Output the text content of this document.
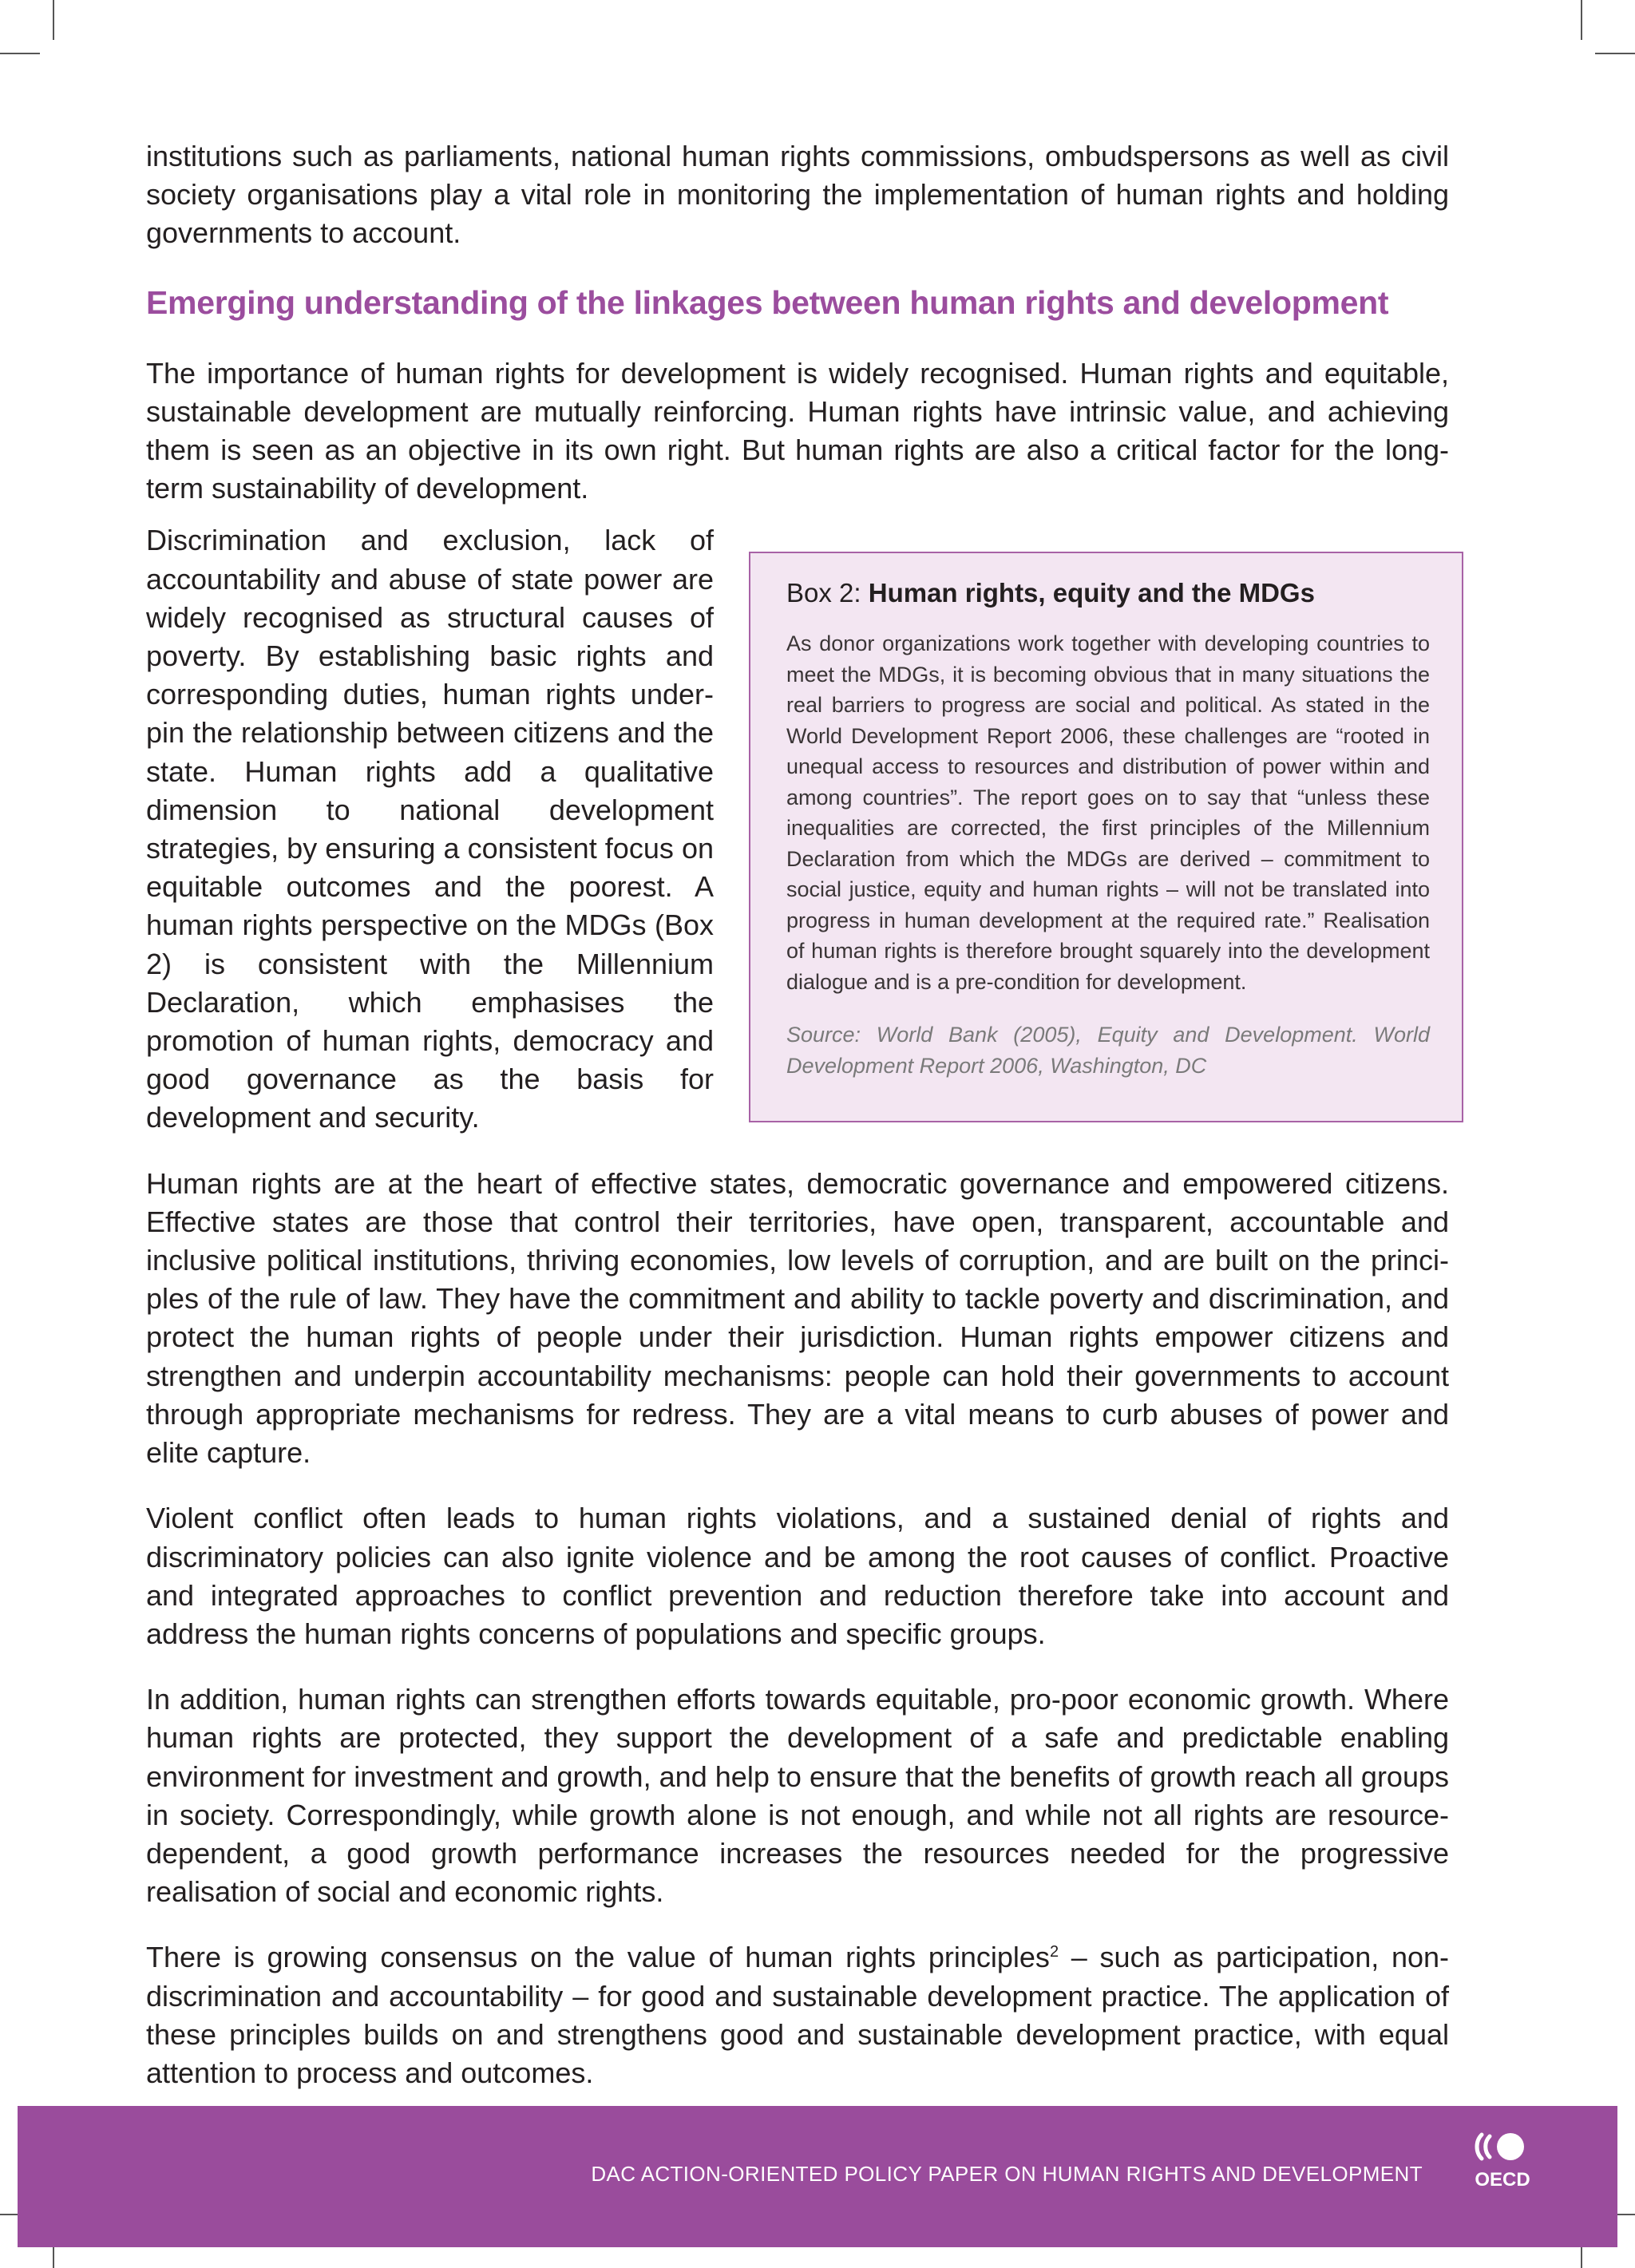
institutions such as parliaments, national human rights commissions, ombudspersons as well as civil society organisations play a vital role in monitoring the implementation of human rights and holding governments to account.

Emerging understanding of the linkages between human rights and development

The importance of human rights for development is widely recognised. Human rights and equitable, sustainable development are mutually reinforcing. Human rights have intrinsic value, and achieving them is seen as an objective in its own right. But human rights are also a critical factor for the long-term sustainability of development.

Box 2: Human rights, equity and the MDGs
As donor organizations work together with developing countries to meet the MDGs, it is becoming obvious that in many situations the real barriers to progress are social and political. As stated in the World Development Report 2006, these challenges are “rooted in unequal access to resources and distribution of power within and among countries”. The report goes on to say that “unless these inequalities are corrected, the first principles of the Millennium Declaration from which the MDGs are derived – commitment to social justice, equity and human rights – will not be translated into progress in human development at the required rate.” Realisation of human rights is therefore brought squarely into the development dialogue and is a pre-condition for development.
Source: World Bank (2005), Equity and Development. World Development Report 2006, Washington, DC

Discrimination and exclusion, lack of accountability and abuse of state power are widely recognised as structural causes of poverty. By establishing basic rights and corresponding duties, human rights underpin the relationship between citizens and the state. Human rights add a qualitative dimension to national development strategies, by ensuring a consistent focus on equitable outcomes and the poorest. A human rights perspective on the MDGs (Box 2) is consistent with the Millennium Declaration, which emphasises the promotion of human rights, democracy and good governance as the basis for development and security.

Human rights are at the heart of effective states, democratic governance and empowered citizens. Effective states are those that control their territories, have open, transparent, accountable and inclusive political institutions, thriving economies, low levels of corruption, and are built on the principles of the rule of law. They have the commitment and ability to tackle poverty and discrimination, and protect the human rights of people under their jurisdiction. Human rights empower citizens and strengthen and underpin accountability mechanisms: people can hold their governments to account through appropriate mechanisms for redress. They are a vital means to curb abuses of power and elite capture.

Violent conflict often leads to human rights violations, and a sustained denial of rights and discriminatory policies can also ignite violence and be among the root causes of conflict. Proactive and integrated approaches to conflict prevention and reduction therefore take into account and address the human rights concerns of populations and specific groups.

In addition, human rights can strengthen efforts towards equitable, pro-poor economic growth. Where human rights are protected, they support the development of a safe and predictable enabling environment for investment and growth, and help to ensure that the benefits of growth reach all groups in society. Correspondingly, while growth alone is not enough, and while not all rights are resource-dependent, a good growth performance increases the resources needed for the progressive realisation of social and economic rights.

There is growing consensus on the value of human rights principles$^2$ – such as participation, non-discrimination and accountability – for good and sustainable development practice. The application of these principles builds on and strengthens good and sustainable development practice, with equal attention to process and outcomes.

DAC ACTION-ORIENTED POLICY PAPER ON HUMAN RIGHTS AND DEVELOPMENT	OECD
